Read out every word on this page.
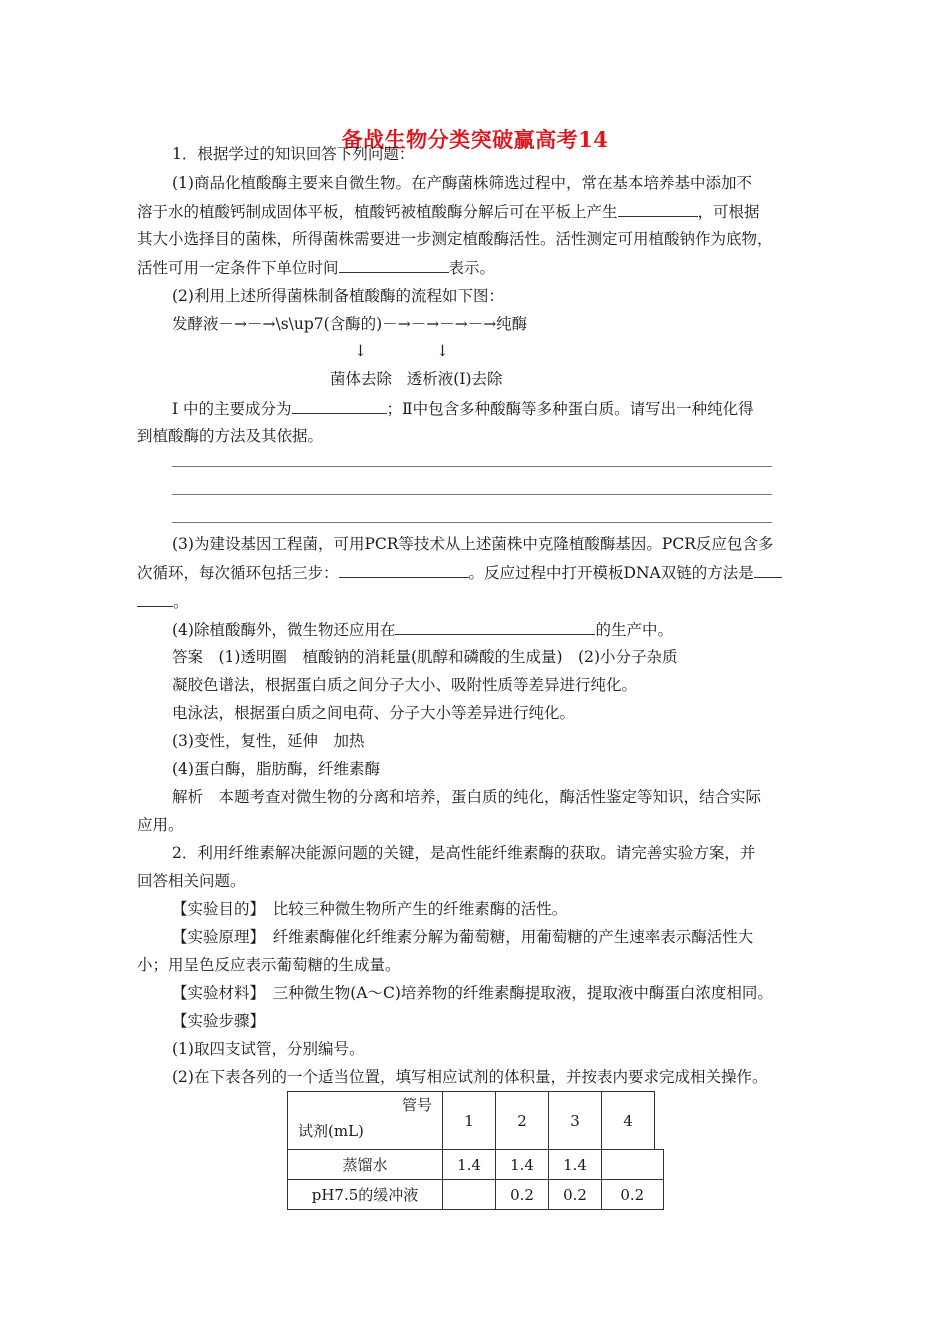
备战生物分类突破赢高考14
1．根据学过的知识回答下列问题：
(1)商品化植酸酶主要来自微生物。在产酶菌株筛选过程中，常在基本培养基中添加不
溶于水的植酸钙制成固体平板，植酸钙被植酸酶分解后可在平板上产生	，可根据
其大小选择目的菌株，所得菌株需要进一步测定植酸酶活性。活性测定可用植酸钠作为底物，
活性可用一定条件下单位时间	表示。
(2)利用上述所得菌株制备植酸酶的流程如下图：
发酵液－→－→\s\up7(含酶的)－→－→－→－→纯酶
↓              ↓
菌体去除   透析液(Ⅰ)去除
Ⅰ 中的主要成分为	；Ⅱ中包含多种酸酶等多种蛋白质。请写出一种纯化得
到植酸酶的方法及其依据。
(3)为建设基因工程菌，可用PCR等技术从上述菌株中克隆植酸酶基因。PCR反应包含多
次循环，每次循环包括三步：	。反应过程中打开模板DNA双链的方法是
。
(4)除植酸酶外，微生物还应用在	的生产中。
答案　(1)透明圈　植酸钠的消耗量(肌醇和磷酸的生成量)　(2)小分子杂质
凝胶色谱法，根据蛋白质之间分子大小、吸附性质等差异进行纯化。
电泳法，根据蛋白质之间电荷、分子大小等差异进行纯化。
(3)变性，复性，延伸　加热
(4)蛋白酶，脂肪酶，纤维素酶
解析　本题考查对微生物的分离和培养，蛋白质的纯化，酶活性鉴定等知识，结合实际
应用。
2．利用纤维素解决能源问题的关键，是高性能纤维素酶的获取。请完善实验方案，并
回答相关问题。
【实验目的】　比较三种微生物所产生的纤维素酶的活性。
【实验原理】　纤维素酶催化纤维素分解为葡萄糖，用葡萄糖的产生速率表示酶活性大
小；用呈色反应表示葡萄糖的生成量。
【实验材料】　三种微生物(A～C)培养物的纤维素酶提取液，提取液中酶蛋白浓度相同。
【实验步骤】
(1)取四支试管，分别编号。
(2)在下表各列的一个适当位置，填写相应试剂的体积量，并按表内要求完成相关操作。
管号
试剂(mL)	1	2	3	4	
蒸馏水	1.4	1.4	1.4		
pH7.5的缓冲液		0.2	0.2	0.2	
